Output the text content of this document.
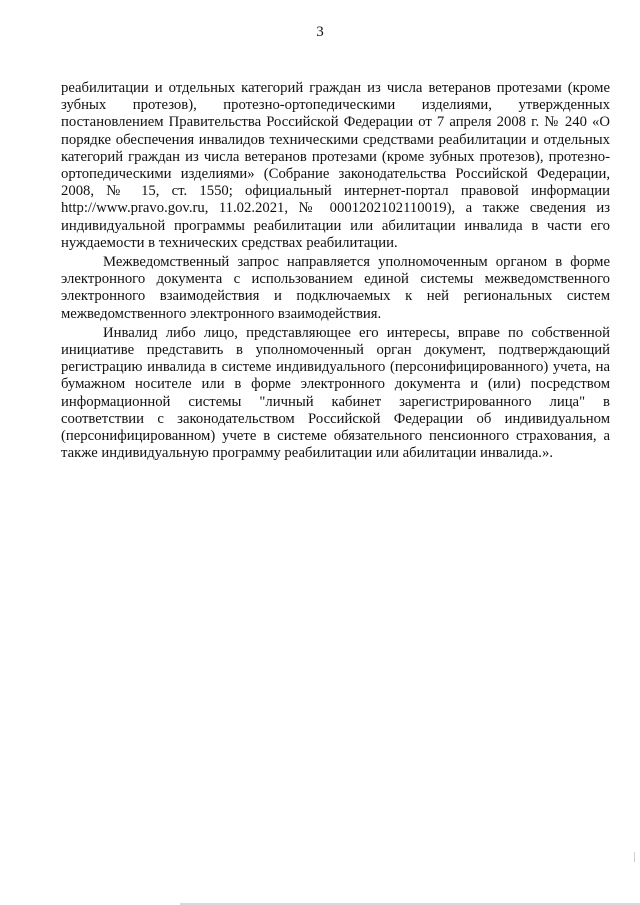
3

реабилитации и отдельных категорий граждан из числа ветеранов протезами (кроме зубных протезов), протезно-ортопедическими изделиями, утвержденных постановлением Правительства Российской Федерации от 7 апреля 2008 г. № 240 «О порядке обеспечения инвалидов техническими средствами реабилитации и отдельных категорий граждан из числа ветеранов протезами (кроме зубных протезов), протезно-ортопедическими изделиями» (Собрание законодательства Российской Федерации, 2008, № 15, ст. 1550; официальный интернет-портал правовой информации http://www.pravo.gov.ru, 11.02.2021, № 0001202102110019), а также сведения из индивидуальной программы реабилитации или абилитации инвалида в части его нуждаемости в технических средствах реабилитации.

Межведомственный запрос направляется уполномоченным органом в форме электронного документа с использованием единой системы межведомственного электронного взаимодействия и подключаемых к ней региональных систем межведомственного электронного взаимодействия.

Инвалид либо лицо, представляющее его интересы, вправе по собственной инициативе представить в уполномоченный орган документ, подтверждающий регистрацию инвалида в системе индивидуального (персонифицированного) учета, на бумажном носителе или в форме электронного документа и (или) посредством информационной системы "личный кабинет зарегистрированного лица" в соответствии с законодательством Российской Федерации об индивидуальном (персонифицированном) учете в системе обязательного пенсионного страхования, а также индивидуальную программу реабилитации или абилитации инвалида.».
